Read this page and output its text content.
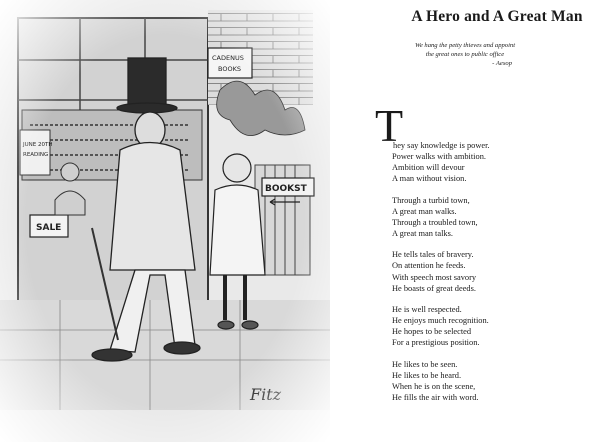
A Hero and A Great Man
We hang the petty thieves and appoint
the great ones to public office
- Aesop
T
hey say knowledge is power.
Power walks with ambition.
Ambition will devour
A man without vision.
Through a turbid town,
A great man walks.
Through a troubled town,
A great man talks.
He tells tales of bravery.
On attention he feeds.
With speech most savory
He boasts of great deeds.
He is well respected.
He enjoys much recognition.
He hopes to be selected
For a prestigious position.
He likes to be seen.
He likes to be heard.
When he is on the scene,
He fills the air with word.
